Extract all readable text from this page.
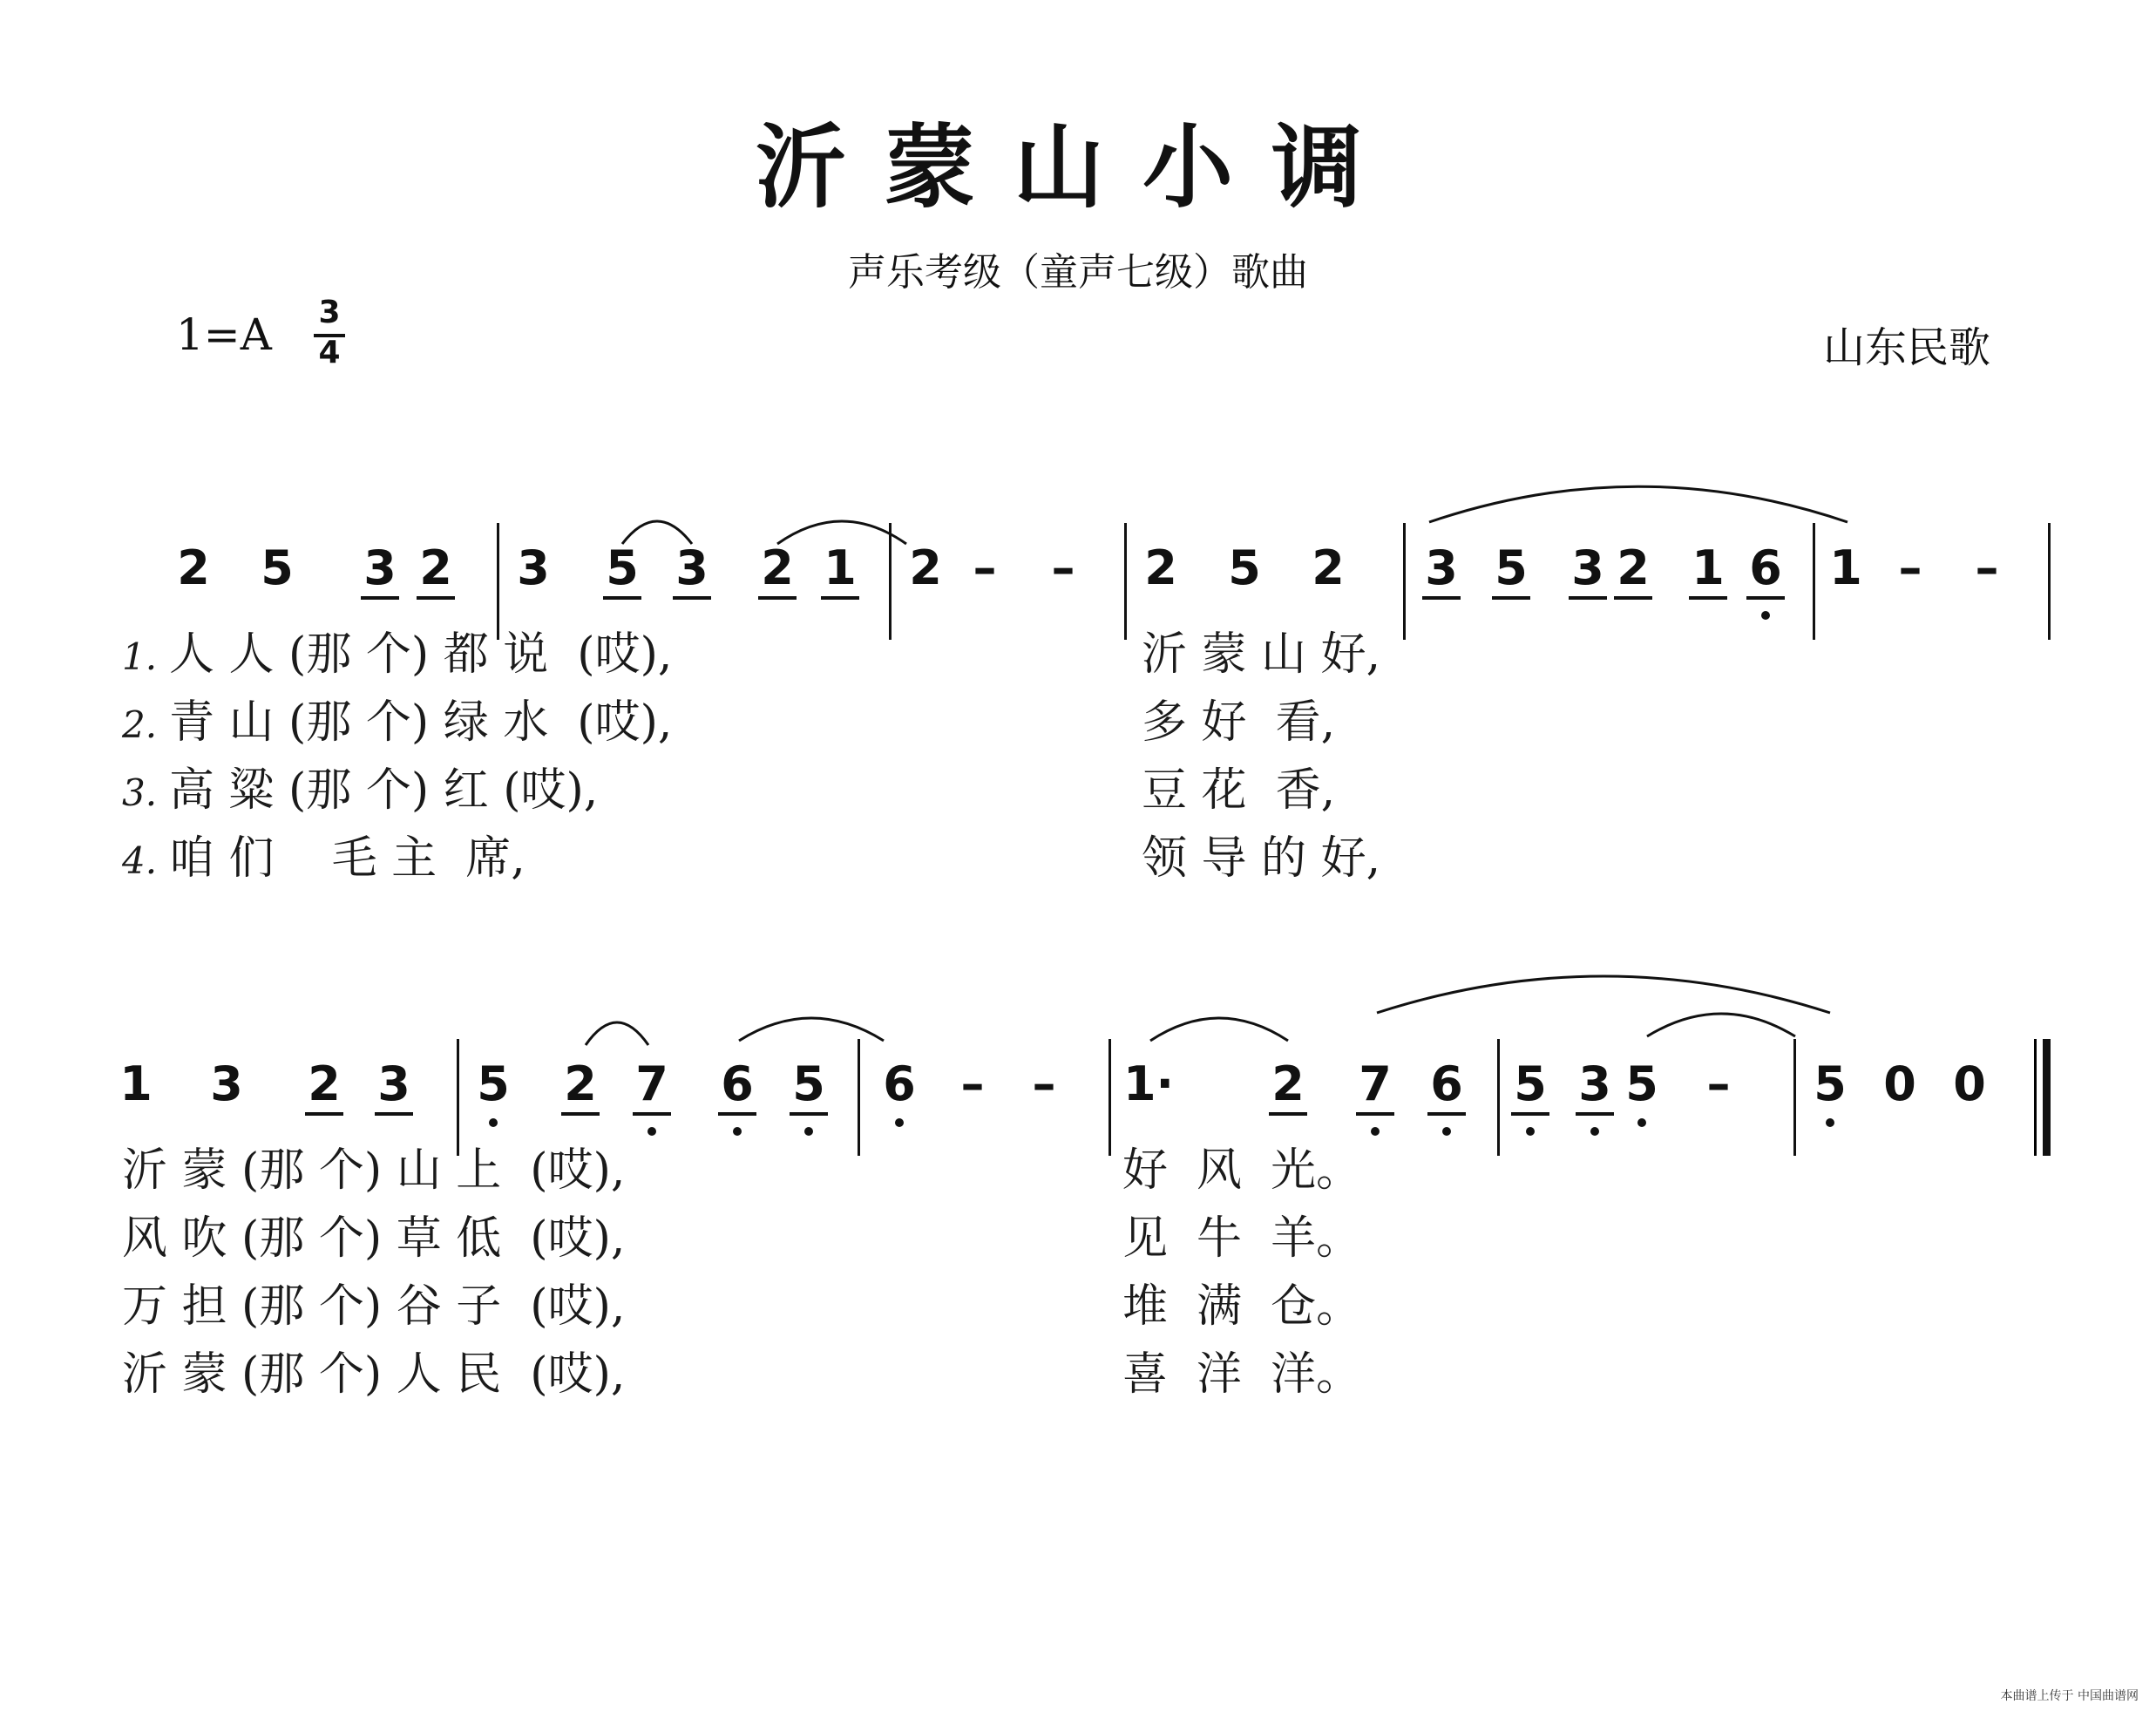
沂蒙山小调
声乐考级（童声七级）歌曲
1=A 3
4	山东民歌
2 5 3 2 3 5 3 2 1 2 – – 2 5 2 3 5 3 2 1 6 1 – –
1. 人 人 (那 个) 都 说  (哎),	沂 蒙 山 好,
2. 青 山 (那 个) 绿 水  (哎),	多 好  看,
3. 高 粱 (那 个) 红 (哎),	豆 花  香,
4. 咱 们    毛 主  席,	领 导 的 好,
1 3 2 3 5 2 7 6 5 6 – – 1· 2 7 6 5 3 5 – 5 0 0
沂 蒙 (那 个) 山 上  (哎),	好  风  光。
风 吹 (那 个) 草 低  (哎),	见  牛  羊。
万 担 (那 个) 谷 子  (哎),	堆  满  仓。
沂 蒙 (那 个) 人 民  (哎),	喜  洋  洋。
本曲谱上传于 中国曲谱网
